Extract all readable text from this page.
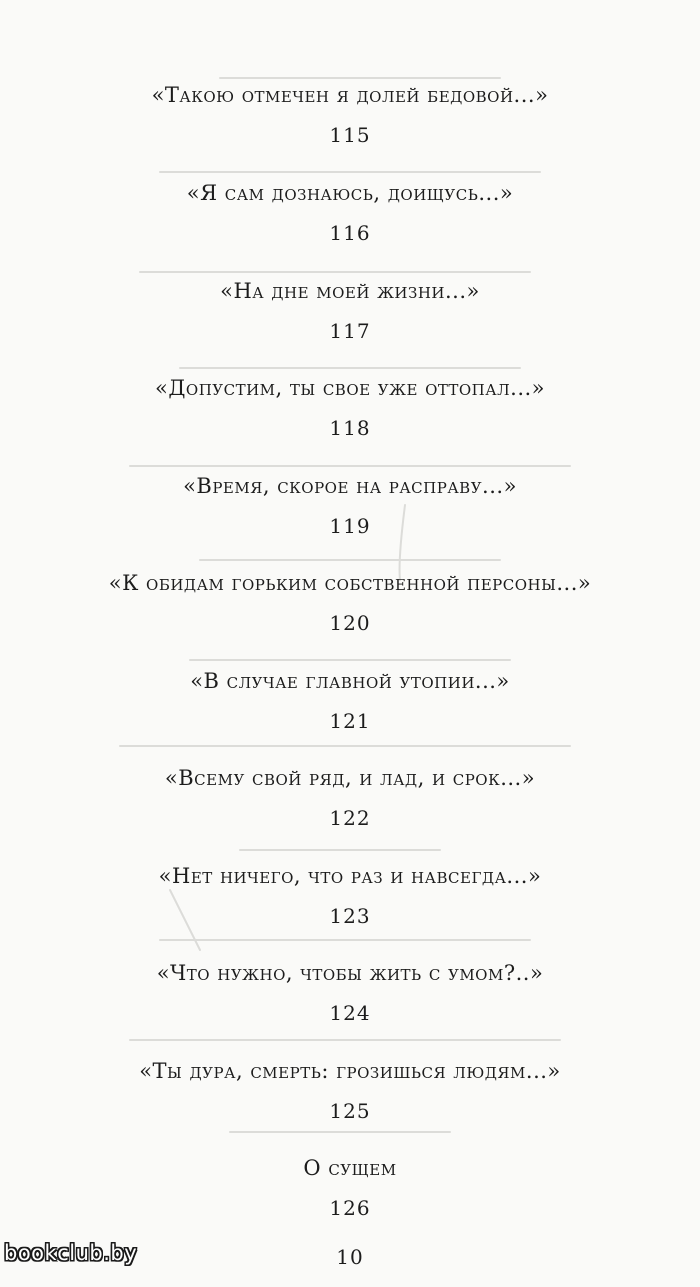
«Такою отмечен я долей бедовой...»
115
«Я сам дознаюсь, доищусь...»
116
«На дне моей жизни...»
117
«Допустим, ты свое уже оттопал...»
118
«Время, скорое на расправу...»
119
«К обидам горьким собственной персоны...»
120
«В случае главной утопии...»
121
«Всему свой ряд, и лад, и срок...»
122
«Нет ничего, что раз и навсегда...»
123
«Что нужно, чтобы жить с умом?..»
124
«Ты дура, смерть: грозишься людям...»
125
О сущем
126
10
bookclub.by
